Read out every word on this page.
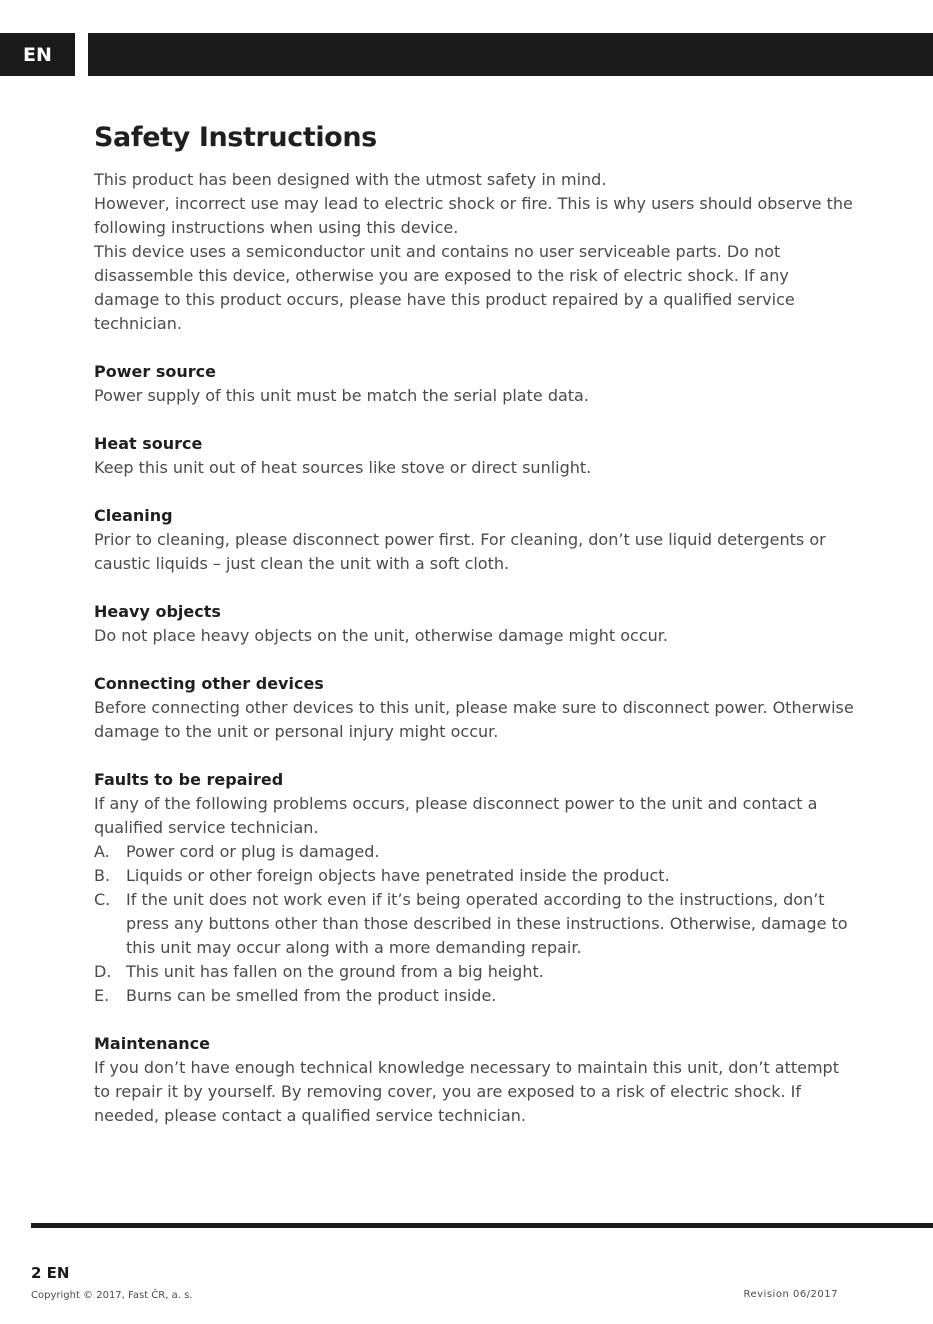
EN
Safety Instructions

This product has been designed with the utmost safety in mind.

However, incorrect use may lead to electric shock or fire. This is why users should observe the following instructions when using this device.

This device uses a semiconductor unit and contains no user serviceable parts. Do not disassemble this device, otherwise you are exposed to the risk of electric shock. If any damage to this product occurs, please have this product repaired by a qualified service technician.

Power source

Power supply of this unit must be match the serial plate data.

Heat source

Keep this unit out of heat sources like stove or direct sunlight.

Cleaning

Prior to cleaning, please disconnect power first. For cleaning, don’t use liquid detergents or caustic liquids – just clean the unit with a soft cloth.

Heavy objects

Do not place heavy objects on the unit, otherwise damage might occur.

Connecting other devices

Before connecting other devices to this unit, please make sure to disconnect power. Otherwise damage to the unit or personal injury might occur.

Faults to be repaired

If any of the following problems occurs, please disconnect power to the unit and contact a qualified service technician.

A.	Power cord or plug is damaged.
B. Liquids or other foreign objects have penetrated inside the product.
C. If the unit does not work even if it’s being operated according to the instructions, don’t press any buttons other than those described in these instructions. Otherwise, damage to this unit may occur along with a more demanding repair.
D. This unit has fallen on the ground from a big height.
E.	Burns can be smelled from the product inside.
Maintenance

If you don’t have enough technical knowledge necessary to maintain this unit, don’t attempt to repair it by yourself. By removing cover, you are exposed to a risk of electric shock. If needed, please contact a qualified service technician.

2 EN
Copyright © 2017, Fast ČR, a. s.	Revision 06/2017
